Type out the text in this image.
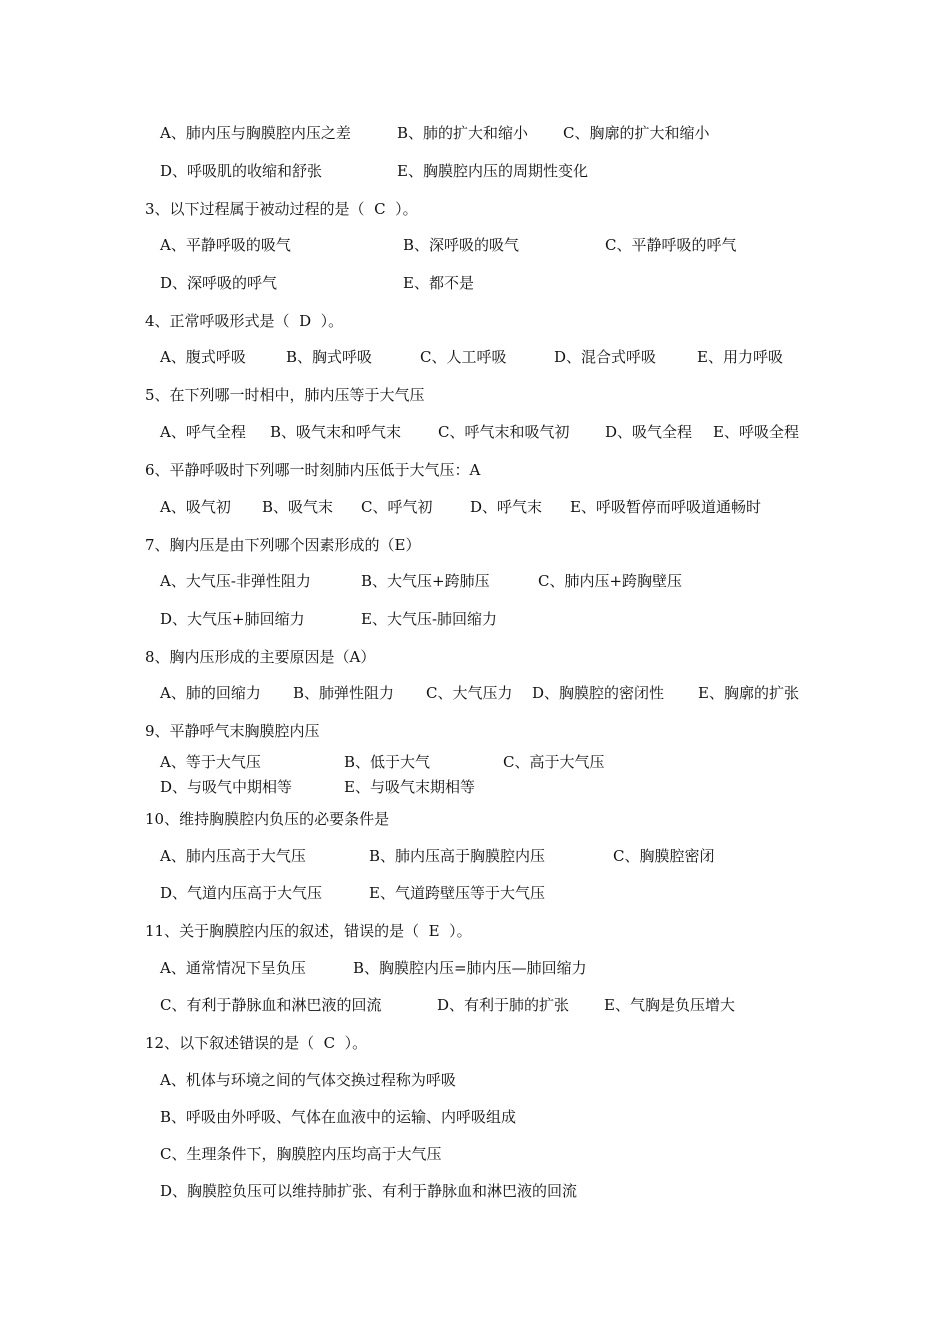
A、肺内压与胸膜腔内压之差	B、肺的扩大和缩小 C、胸廓的扩大和缩小
D、呼吸肌的收缩和舒张	E、胸膜腔内压的周期性变化
3、以下过程属于被动过程的是（  C  ）。
A、平静呼吸的吸气	B、深呼吸的吸气	C、平静呼吸的呼气
D、深呼吸的呼气	E、都不是
4、正常呼吸形式是（  D  ）。
A、腹式呼吸	B、胸式呼吸	C、人工呼吸	D、混合式呼吸	E、用力呼吸
5、在下列哪一时相中，肺内压等于大气压
A、呼气全程 B、吸气末和呼气末 C、呼气末和吸气初 D、吸气全程 E、呼吸全程
6、平静呼吸时下列哪一时刻肺内压低于大气压：A
A、吸气初 B、吸气末 C、呼气初	D、呼气末 E、呼吸暂停而呼吸道通畅时
7、胸内压是由下列哪个因素形成的（E）
A、大气压-非弹性阻力	B、大气压+跨肺压	C、肺内压+跨胸壁压
D、大气压+肺回缩力	E、大气压-肺回缩力
8、胸内压形成的主要原因是（A）
A、肺的回缩力 B、肺弹性阻力 C、大气压力 D、胸膜腔的密闭性 E、胸廓的扩张
9、平静呼气末胸膜腔内压
A、等于大气压	B、低于大气	C、高于大气压
D、与吸气中期相等	E、与吸气末期相等
10、维持胸膜腔内负压的必要条件是
A、肺内压高于大气压	B、肺内压高于胸膜腔内压	C、胸膜腔密闭
D、气道内压高于大气压	E、气道跨壁压等于大气压
11、关于胸膜腔内压的叙述，错误的是（  E  ）。
A、通常情况下呈负压	B、胸膜腔内压=肺内压—肺回缩力
C、有利于静脉血和淋巴液的回流	D、有利于肺的扩张 E、气胸是负压增大
12、以下叙述错误的是（  C  ）。
A、机体与环境之间的气体交换过程称为呼吸
B、呼吸由外呼吸、气体在血液中的运输、内呼吸组成
C、生理条件下，胸膜腔内压均高于大气压
D、胸膜腔负压可以维持肺扩张、有利于静脉血和淋巴液的回流
